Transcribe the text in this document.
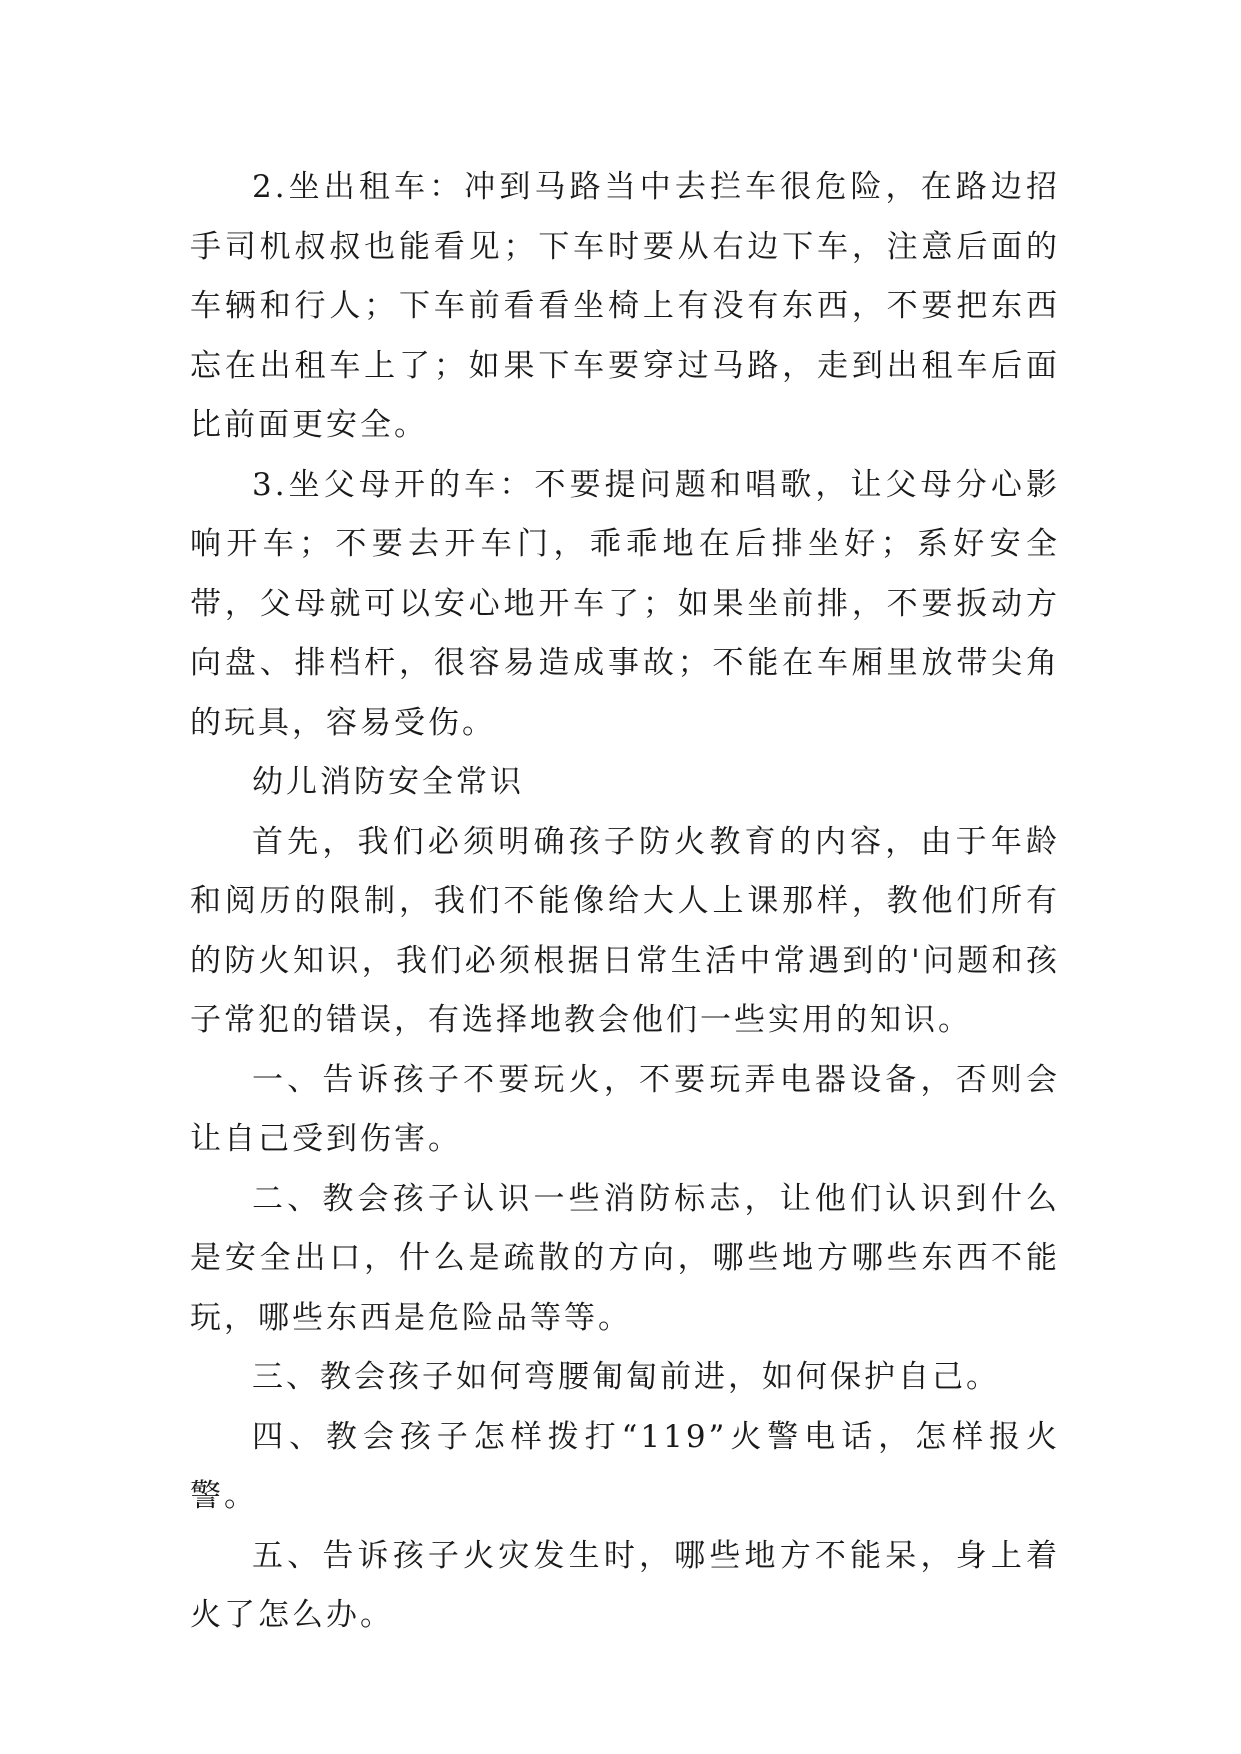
2.坐出租车：冲到马路当中去拦车很危险，在路边招手司机叔叔也能看见；下车时要从右边下车，注意后面的车辆和行人；下车前看看坐椅上有没有东西，不要把东西忘在出租车上了；如果下车要穿过马路，走到出租车后面比前面更安全。

3.坐父母开的车：不要提问题和唱歌，让父母分心影响开车；不要去开车门，乖乖地在后排坐好；系好安全带，父母就可以安心地开车了；如果坐前排，不要扳动方向盘、排档杆，很容易造成事故；不能在车厢里放带尖角的玩具，容易受伤。

幼儿消防安全常识

首先，我们必须明确孩子防火教育的内容，由于年龄和阅历的限制，我们不能像给大人上课那样，教他们所有的防火知识，我们必须根据日常生活中常遇到的'问题和孩子常犯的错误，有选择地教会他们一些实用的知识。

一、告诉孩子不要玩火，不要玩弄电器设备，否则会让自己受到伤害。

二、教会孩子认识一些消防标志，让他们认识到什么是安全出口，什么是疏散的方向，哪些地方哪些东西不能玩，哪些东西是危险品等等。

三、教会孩子如何弯腰匍匐前进，如何保护自己。

四、教会孩子怎样拨打“119”火警电话，怎样报火警。

五、告诉孩子火灾发生时，哪些地方不能呆，身上着火了怎么办。
